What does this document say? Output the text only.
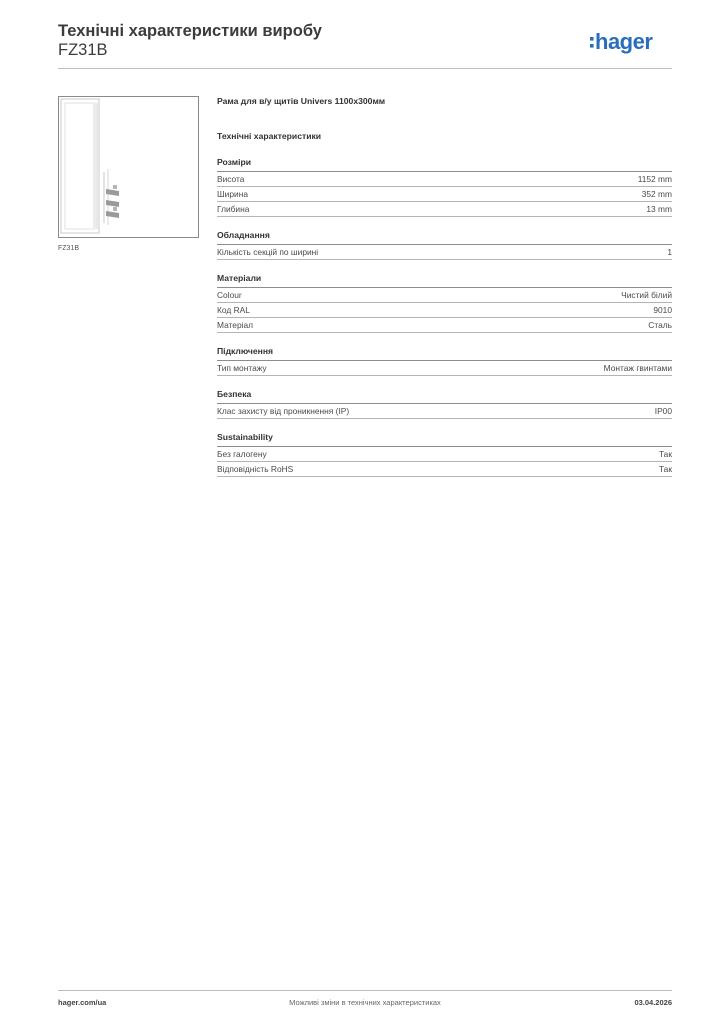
Технічні характеристики виробу
FZ31B	hager
FZ31B
Рама для в/у щитів Univers 1100x300мм
Технічні характеристики
Розміри
Висота	1152 mm
Ширина	352 mm
Глибина	13 mm
Обладнання
Кількість секцій по ширині	1
Матеріали
Colour	Чистий білий
Код RAL	9010
Матеріал	Сталь
Підключення
Тип монтажу	Монтаж гвинтами
Безпека
Клас захисту від проникнення (IP)	IP00
Sustainability
Без галогену	Так
Відповідність RoHS	Так
hager.com/ua	Можливі зміни в технічних характеристиках	03.04.2026
